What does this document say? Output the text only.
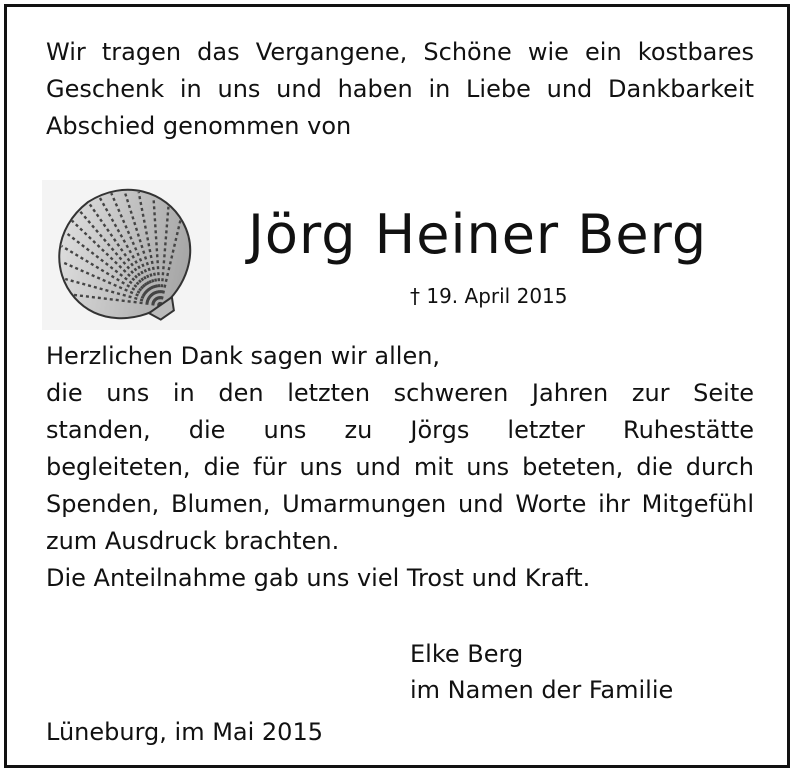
Wir tragen das Vergangene, Schöne wie ein kostbares
Geschenk in uns und haben in Liebe und Dankbarkeit
Abschied genommen von
Jörg Heiner Berg
† 19. April 2015
Herzlichen Dank sagen wir allen,
die uns in den letzten schweren Jahren zur Seite
standen, die uns zu Jörgs letzter Ruhestätte
begleiteten, die für uns und mit uns beteten, die durch
Spenden, Blumen, Umarmungen und Worte ihr Mitgefühl
zum Ausdruck brachten.
Die Anteilnahme gab uns viel Trost und Kraft.
Elke Berg
im Namen der Familie
Lüneburg, im Mai 2015
